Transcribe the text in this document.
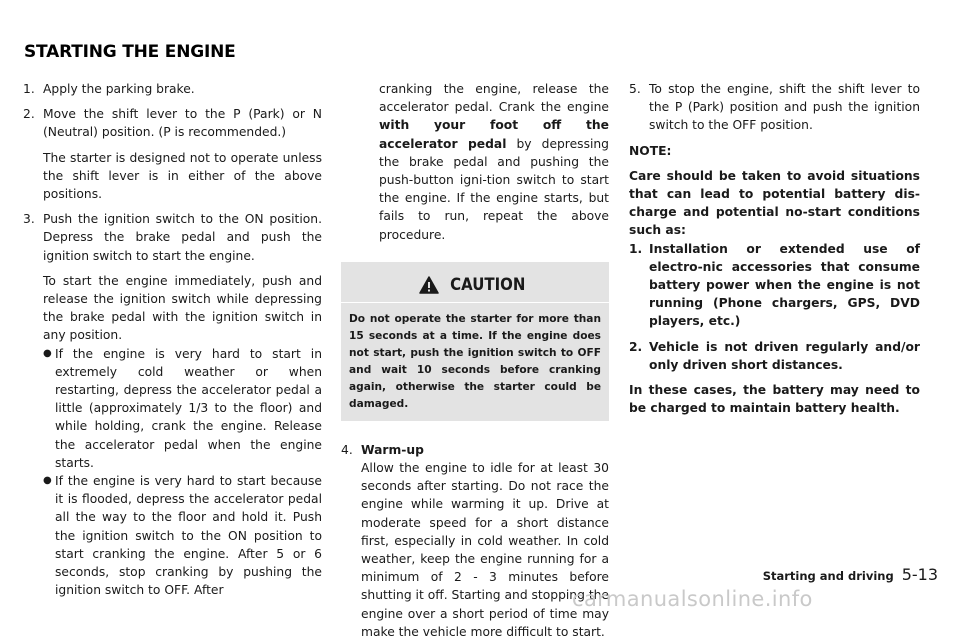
STARTING THE ENGINE
1. Apply the parking brake.
2. Move the shift lever to the P (Park) or N (Neutral) position. (P is recommended.)

The starter is designed not to operate unless the shift lever is in either of the above positions.

3. Push the ignition switch to the ON position. Depress the brake pedal and push the ignition switch to start the engine.

To start the engine immediately, push and release the ignition switch while depressing the brake pedal with the ignition switch in any position.

● If the engine is very hard to start in extremely cold weather or when restarting, depress the accelerator pedal a little (approximately 1/3 to the floor) and while holding, crank the engine. Release the accelerator pedal when the engine starts.
● If the engine is very hard to start because it is flooded, depress the accelerator pedal all the way to the floor and hold it. Push the ignition switch to the ON position to start cranking the engine. After 5 or 6 seconds, stop cranking by pushing the ignition switch to OFF. After

cranking the engine, release the accelerator pedal. Crank the engine with your foot off the accelerator pedal by depressing the brake pedal and pushing the push-button igni-tion switch to start the engine. If the engine starts, but fails to run, repeat the above procedure.

CAUTION
Do not operate the starter for more than 15 seconds at a time. If the engine does not start, push the ignition switch to OFF and wait 10 seconds before cranking again, otherwise the starter could be damaged.
4. Warm-up

Allow the engine to idle for at least 30 seconds after starting. Do not race the engine while warming it up. Drive at moderate speed for a short distance first, especially in cold weather. In cold weather, keep the engine running for a minimum of 2 - 3 minutes before shutting it off. Starting and stopping the engine over a short period of time may make the vehicle more difficult to start.

5. To stop the engine, shift the shift lever to the P (Park) position and push the ignition switch to the OFF position.

NOTE:

Care should be taken to avoid situations that can lead to potential battery dis-charge and potential no-start conditions such as:

1. Installation or extended use of electro-nic accessories that consume battery power when the engine is not running (Phone chargers, GPS, DVD players, etc.)
2. Vehicle is not driven regularly and/or only driven short distances.

In these cases, the battery may need to be charged to maintain battery health.

Starting and driving 5-13
carmanualsonline.info
